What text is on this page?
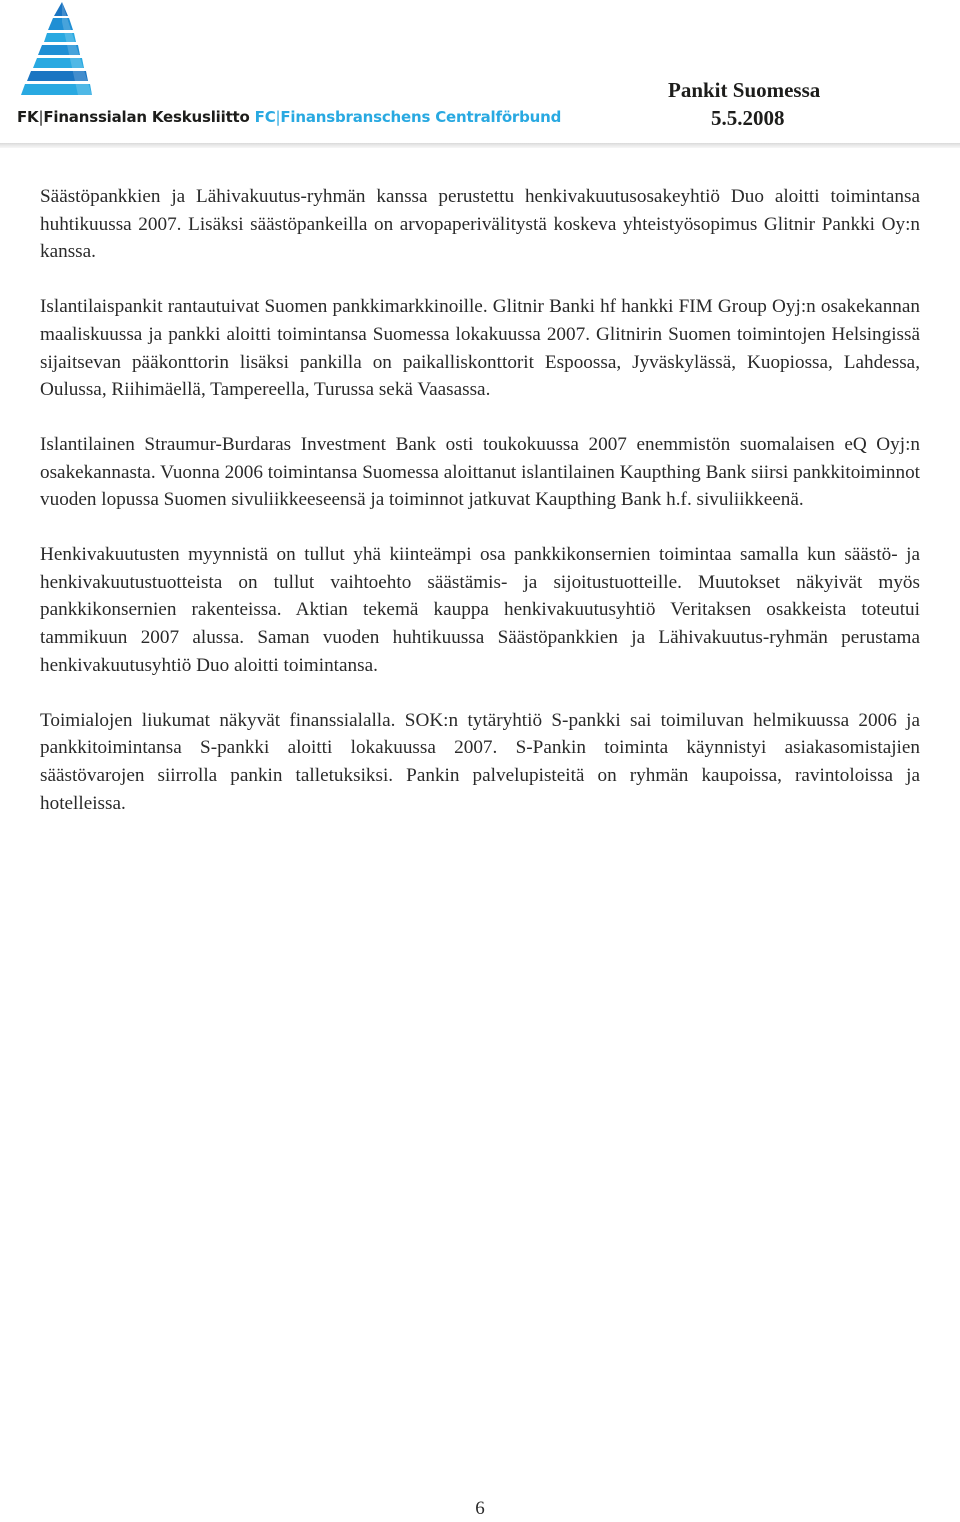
FK|Finanssialan Keskusliitto FC|Finansbranschens Centralförbund
Pankit Suomessa
5.5.2008

Säästöpankkien ja Lähivakuutus-ryhmän kanssa perustettu henkivakuutusosakeyhtiö Duo aloitti toimintansa huhtikuussa 2007. Lisäksi säästöpankeilla on arvopaperivälitystä koskeva yhteistyösopimus Glitnir Pankki Oy:n kanssa.

Islantilaispankit rantautuivat Suomen pankkimarkkinoille. Glitnir Banki hf hankki FIM Group Oyj:n osakekannan maaliskuussa ja pankki aloitti toimintansa Suomessa lokakuussa 2007. Glitnirin Suomen toimintojen Helsingissä sijaitsevan pääkonttorin lisäksi pankilla on paikalliskonttorit Espoossa, Jyväskylässä, Kuopiossa, Lahdessa, Oulussa, Riihimäellä, Tampereella, Turussa sekä Vaasassa.

Islantilainen Straumur-Burdaras Investment Bank osti toukokuussa 2007 enemmistön suomalaisen eQ Oyj:n osakekannasta. Vuonna 2006 toimintansa Suomessa aloittanut islantilainen Kaupthing Bank siirsi pankkitoiminnot vuoden lopussa Suomen sivuliikkeeseensä ja toiminnot jatkuvat Kaupthing Bank h.f. sivuliikkeenä.

Henkivakuutusten myynnistä on tullut yhä kiinteämpi osa pankkikonsernien toimintaa samalla kun säästö- ja henkivakuutustuotteista on tullut vaihtoehto säästämis- ja sijoitustuotteille. Muutokset näkyivät myös pankkikonsernien rakenteissa. Aktian tekemä kauppa henkivakuutusyhtiö Veritaksen osakkeista toteutui tammikuun 2007 alussa. Saman vuoden huhtikuussa Säästöpankkien ja Lähivakuutus-ryhmän perustama henkivakuutusyhtiö Duo aloitti toimintansa.

Toimialojen liukumat näkyvät finanssialalla. SOK:n tytäryhtiö S-pankki sai toimiluvan helmikuussa 2006 ja pankkitoimintansa S-pankki aloitti lokakuussa 2007. S-Pankin toiminta käynnistyi asiakasomistajien säästövarojen siirrolla pankin talletuksiksi. Pankin palvelupisteitä on ryhmän kaupoissa, ravintoloissa ja hotelleissa.

6
